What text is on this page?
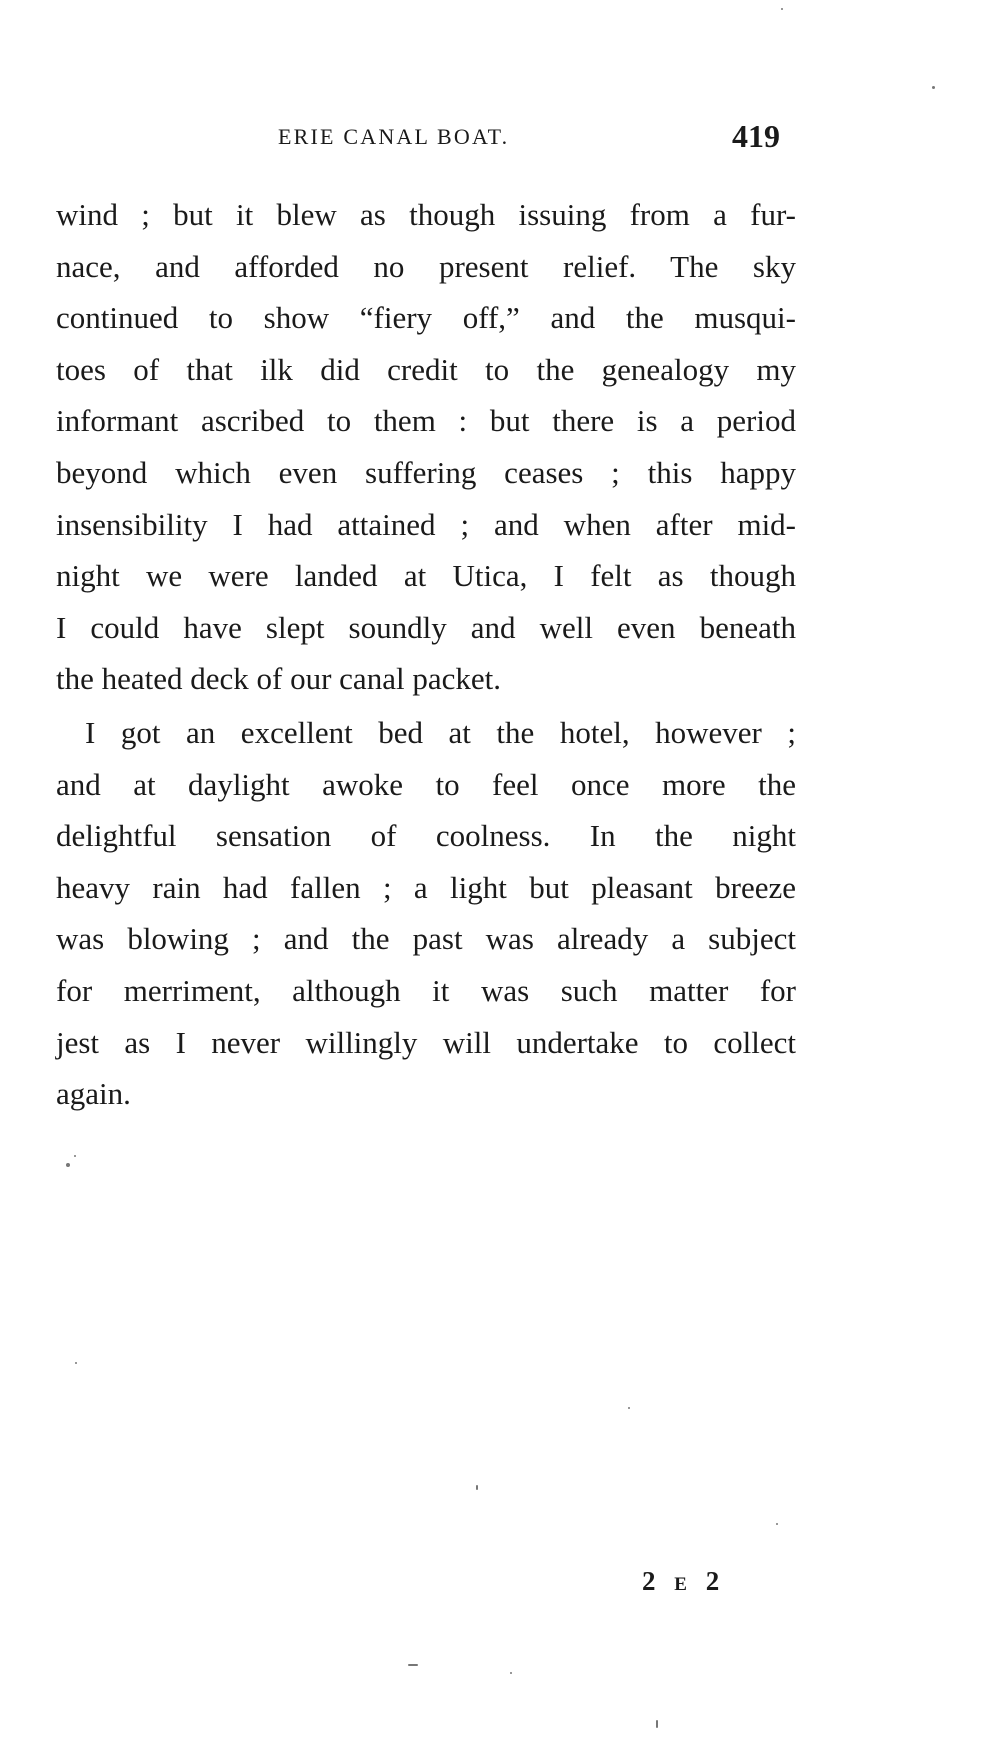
ERIE CANAL BOAT.	419
wind ; but it blew as though issuing from a fur-
nace, and afforded no present relief. The sky
continued to show “fiery off,” and the musqui-
toes of that ilk did credit to the genealogy my
informant ascribed to them : but there is a period
beyond which even suffering ceases ; this happy
insensibility I had attained ; and when after mid-
night we were landed at Utica, I felt as though
I could have slept soundly and well even beneath
the heated deck of our canal packet.
I got an excellent bed at the hotel, however ;
and at daylight awoke to feel once more the
delightful sensation of coolness. In the night
heavy rain had fallen ; a light but pleasant breeze
was blowing ; and the past was already a subject
for merriment, although it was such matter for
jest as I never willingly will undertake to collect
again.
2 E 2
